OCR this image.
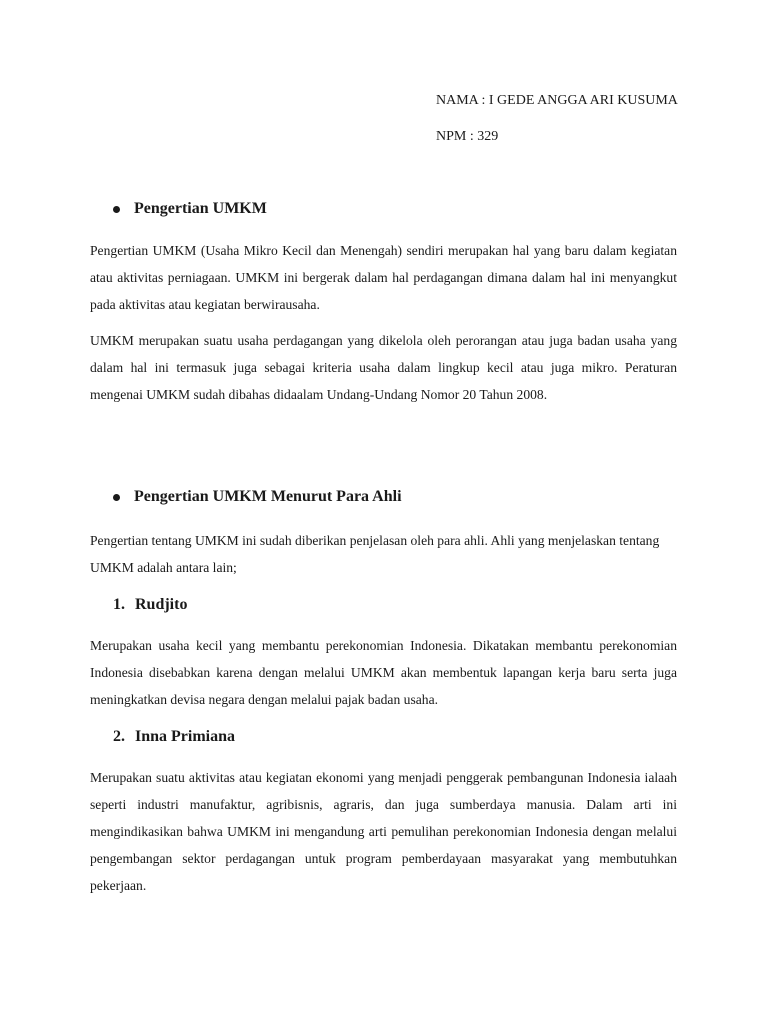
NAMA : I GEDE ANGGA ARI KUSUMA
NPM : 329
Pengertian UMKM

Pengertian UMKM (Usaha Mikro Kecil dan Menengah) sendiri merupakan hal yang baru dalam kegiatan atau aktivitas perniagaan. UMKM ini bergerak dalam hal perdagangan dimana dalam hal ini menyangkut pada aktivitas atau kegiatan berwirausaha.

UMKM merupakan suatu usaha perdagangan yang dikelola oleh perorangan atau juga badan usaha yang dalam hal ini termasuk juga sebagai kriteria usaha dalam lingkup kecil atau juga mikro. Peraturan mengenai UMKM sudah dibahas didaalam Undang-Undang Nomor 20 Tahun 2008.

Pengertian UMKM Menurut Para Ahli

Pengertian tentang UMKM ini sudah diberikan penjelasan oleh para ahli. Ahli yang menjelaskan tentang UMKM adalah antara lain;

1. Rudjito

Merupakan usaha kecil yang membantu perekonomian Indonesia. Dikatakan membantu perekonomian Indonesia disebabkan karena dengan melalui UMKM akan membentuk lapangan kerja baru serta juga meningkatkan devisa negara dengan melalui pajak badan usaha.

2. Inna Primiana

Merupakan suatu aktivitas atau kegiatan ekonomi yang menjadi penggerak pembangunan Indonesia ialaah seperti industri manufaktur, agribisnis, agraris, dan juga sumberdaya manusia. Dalam arti ini mengindikasikan bahwa UMKM ini mengandung arti pemulihan perekonomian Indonesia dengan melalui pengembangan sektor perdagangan untuk program pemberdayaan masyarakat yang membutuhkan pekerjaan.
